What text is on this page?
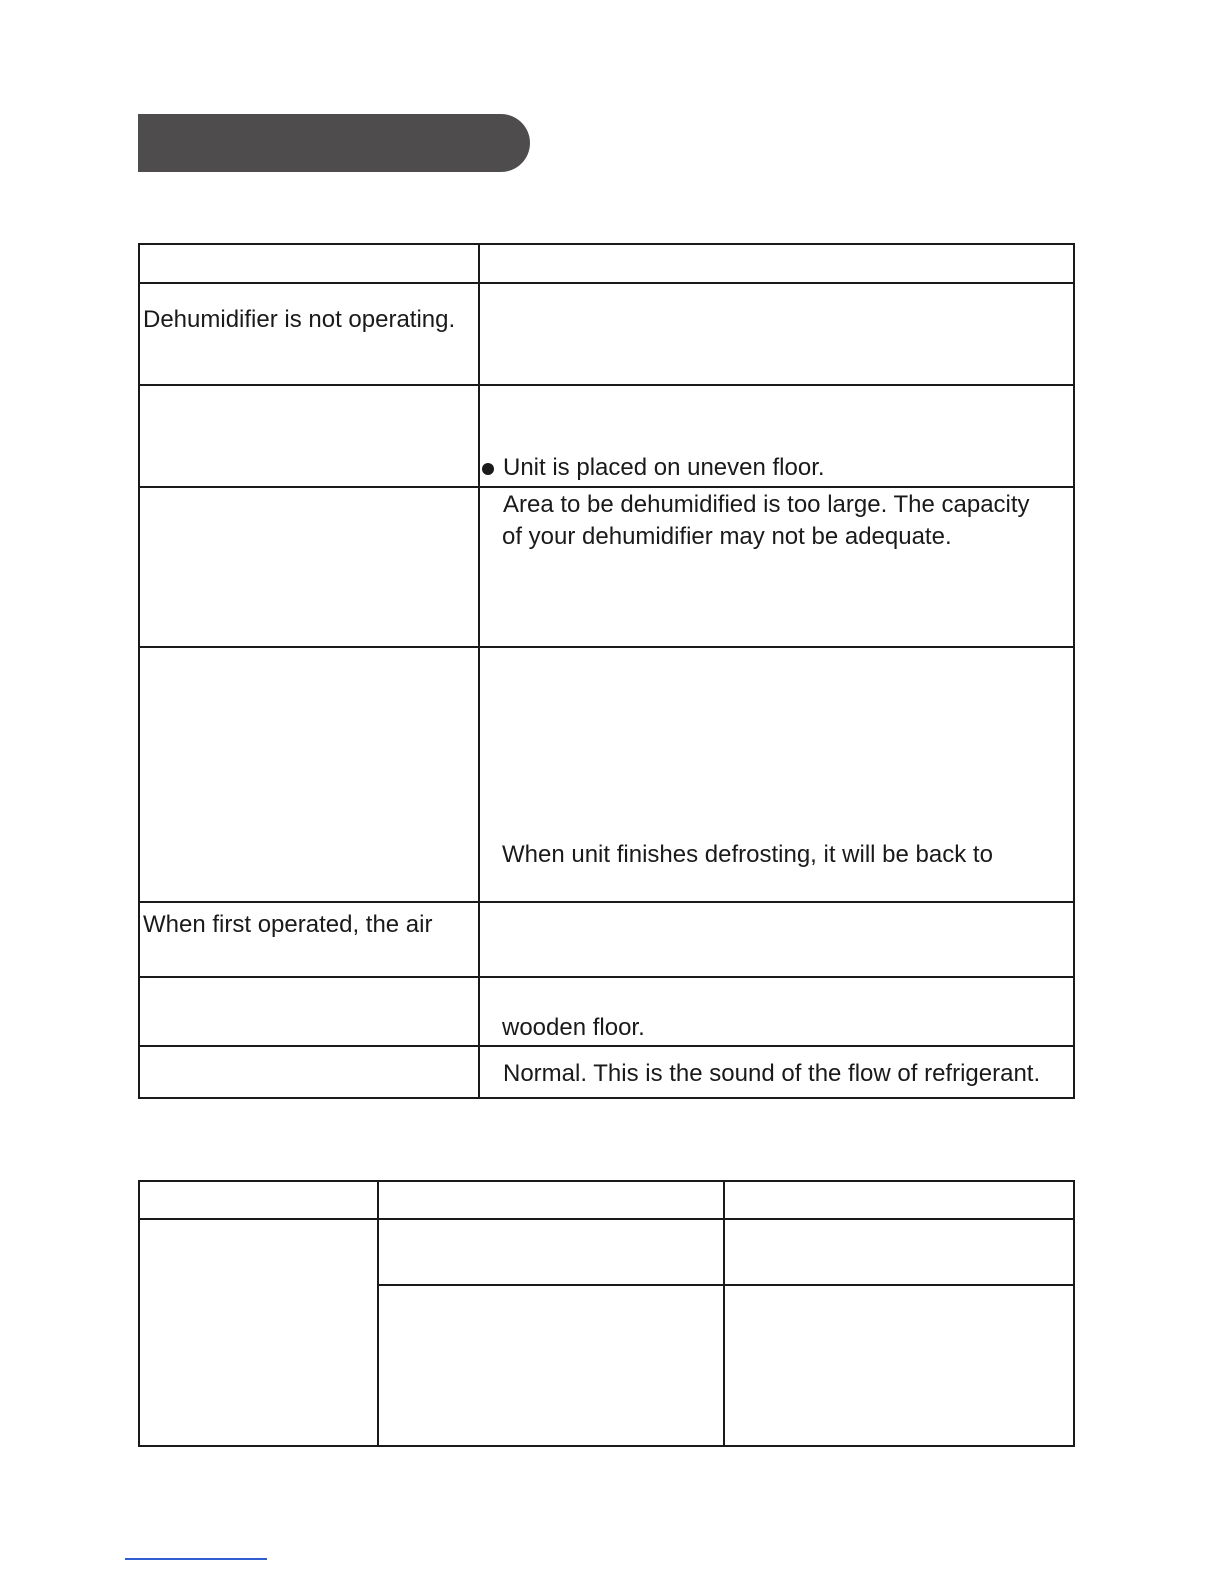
Dehumidifier is not operating.
Unit is placed on uneven floor.
Area to be dehumidified is too large. The capacity
of your dehumidifier may not be adequate.
When unit finishes defrosting, it will be back to
When first operated, the air
wooden floor.
Normal. This is the sound of the flow of refrigerant.
